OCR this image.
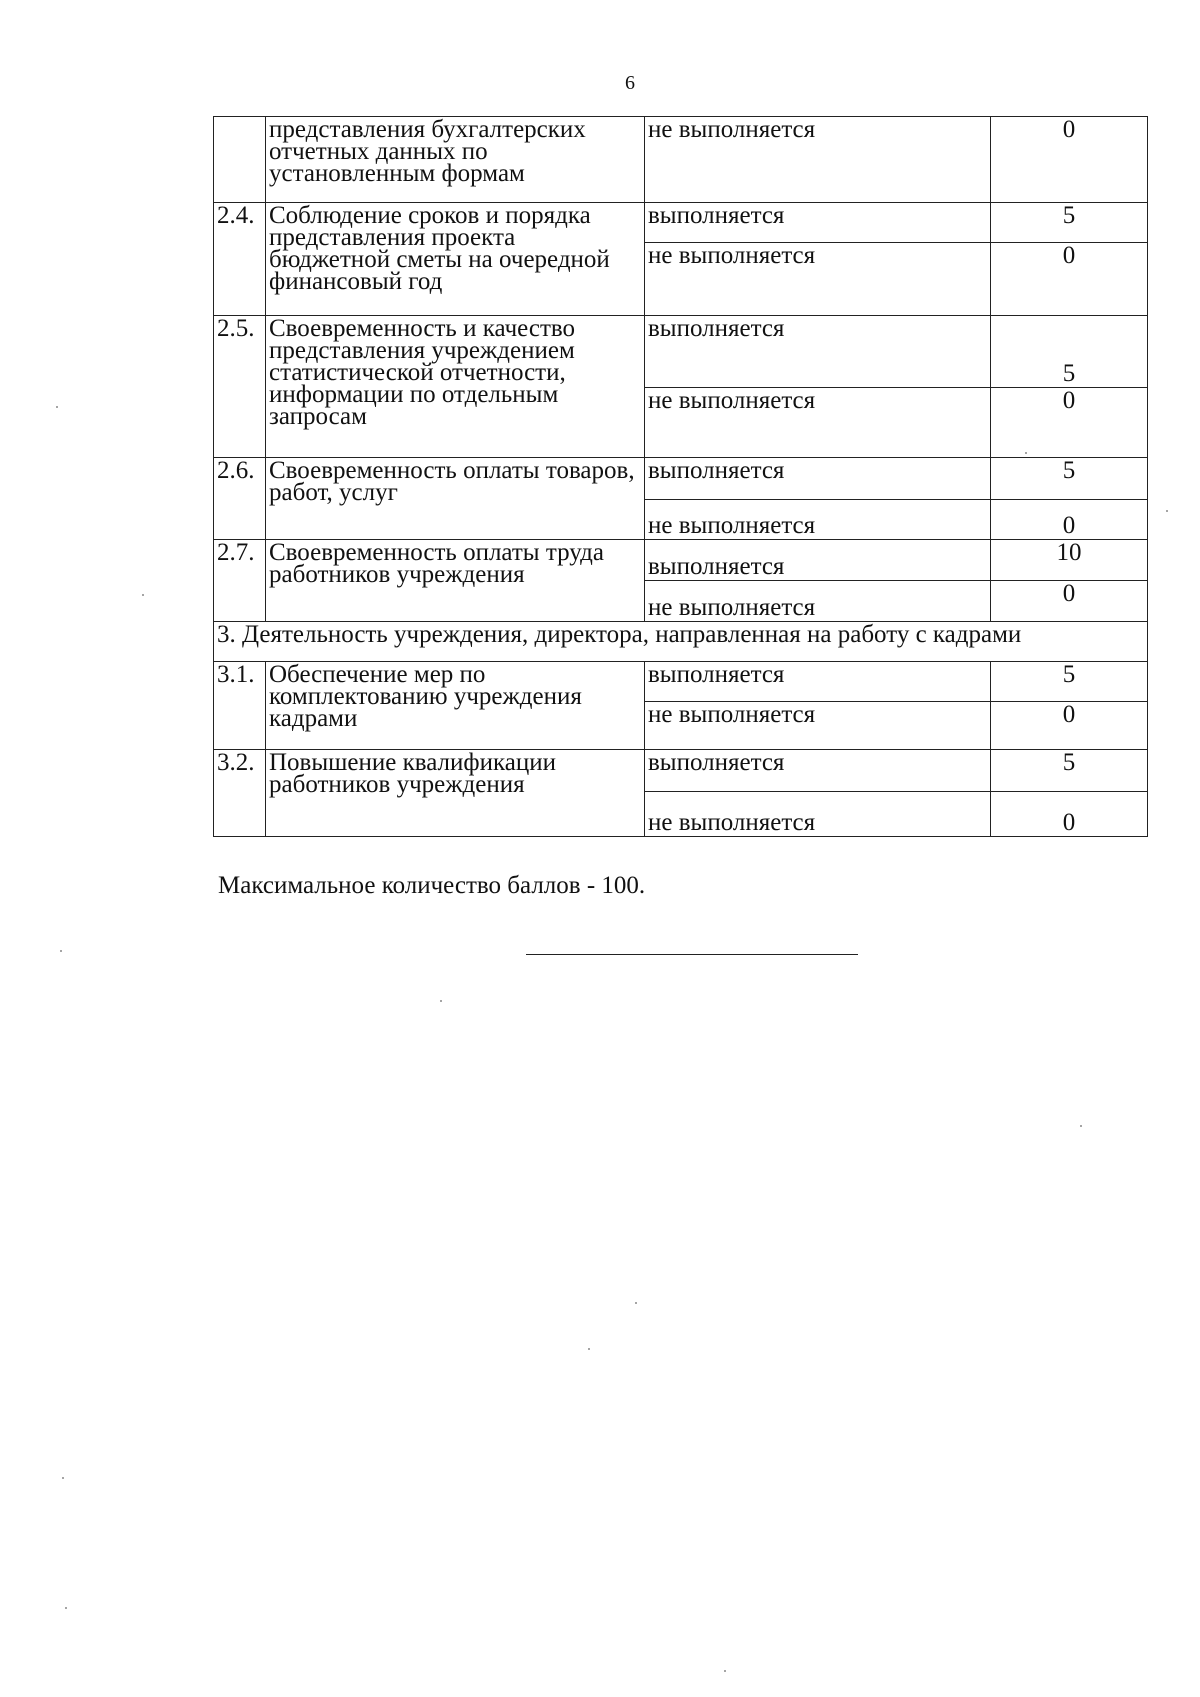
6
	представления бухгалтерских отчетных данных по установленным формам	не выполняется	0
2.4.	Соблюдение сроков и порядка представления проекта бюджетной сметы на очередной финансовый год	выполняется	5
		не выполняется	0
2.5.	Своевременность и качество представления учреждением статистической отчетности, информации по отдельным запросам	выполняется	5
		не выполняется	0
2.6.	Своевременность оплаты товаров, работ, услуг	выполняется	5
		не выполняется	0
2.7.	Своевременность оплаты труда работников учреждения	выполняется	10
		не выполняется	0
3. Деятельность учреждения, директора, направленная на работу с кадрами			
3.1.	Обеспечение мер по комплектованию учреждения кадрами	выполняется	5
		не выполняется	0
3.2.	Повышение квалификации работников учреждения	выполняется	5
		не выполняется	0
Максимальное количество баллов - 100.
